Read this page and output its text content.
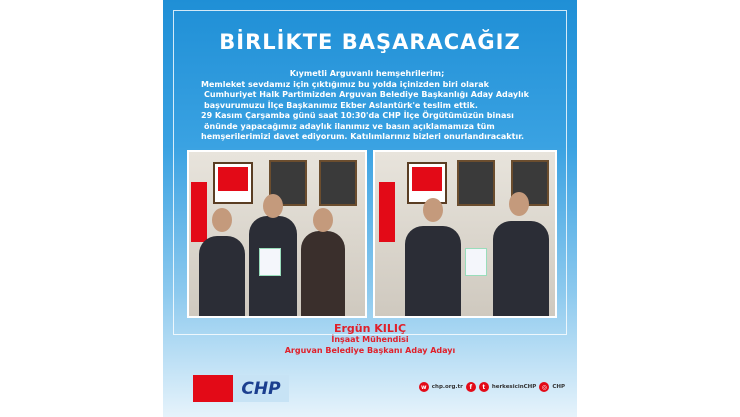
BİRLİKTE BAŞARACAĞIZ

Kıymetli Arguvanlı hemşehrilerim;

Memleket sevdamız için çıktığımız bu yolda içinizden biri olarak

Cumhuriyet Halk Partimizden Arguvan Belediye Başkanlığı Aday Adaylık

başvurumuzu İlçe Başkanımız Ekber Aslantürk'e teslim ettik.

29 Kasım Çarşamba günü saat 10:30'da CHP İlçe Örgütümüzün binası

önünde yapacağımız adaylık ilanımız ve basın açıklamamıza tüm

hemşerilerimizi davet ediyorum. Katılımlarınız bizleri onurlandıracaktır.

Ergün KILIÇ
İnşaat Mühendisi
Arguvan Belediye Başkanı Aday Adayı
CHP	w chp.org.tr	f	t	herkesicinCHP ◎ CHP
